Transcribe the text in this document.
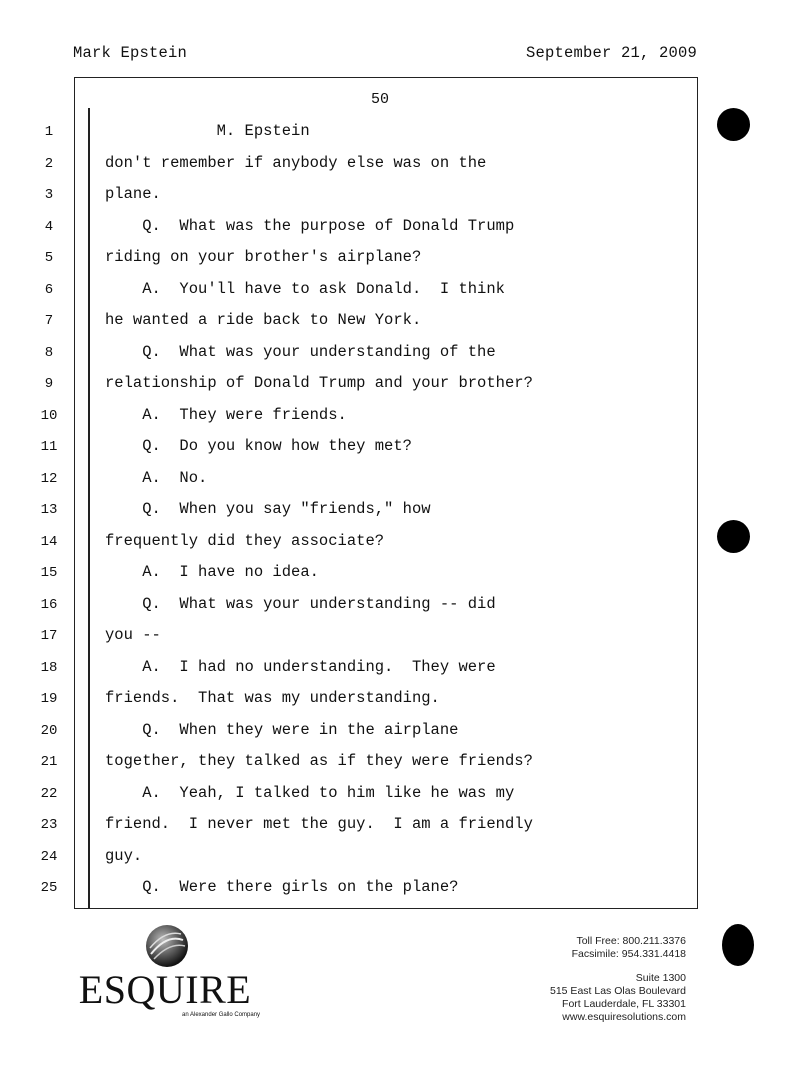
Mark Epstein	September 21, 2009
50
1	M. Epstein
2	don't remember if anybody else was on the
3	plane.
4	Q.  What was the purpose of Donald Trump
5	riding on your brother's airplane?
6	A.  You'll have to ask Donald.  I think
7	he wanted a ride back to New York.
8	Q.  What was your understanding of the
9	relationship of Donald Trump and your brother?
10	A.  They were friends.
11	Q.  Do you know how they met?
12	A.  No.
13	Q.  When you say "friends," how
14	frequently did they associate?
15	A.  I have no idea.
16	Q.  What was your understanding -- did
17	you --
18	A.  I had no understanding.  They were
19	friends.  That was my understanding.
20	Q.  When they were in the airplane
21	together, they talked as if they were friends?
22	A.  Yeah, I talked to him like he was my
23	friend.  I never met the guy.  I am a friendly
24	guy.
25	Q.  Were there girls on the plane?
ESQUIRE
an Alexander Gallo Company
Toll Free: 800.211.3376
Facsimile: 954.331.4418
Suite 1300
515 East Las Olas Boulevard
Fort Lauderdale, FL 33301
www.esquiresolutions.com
